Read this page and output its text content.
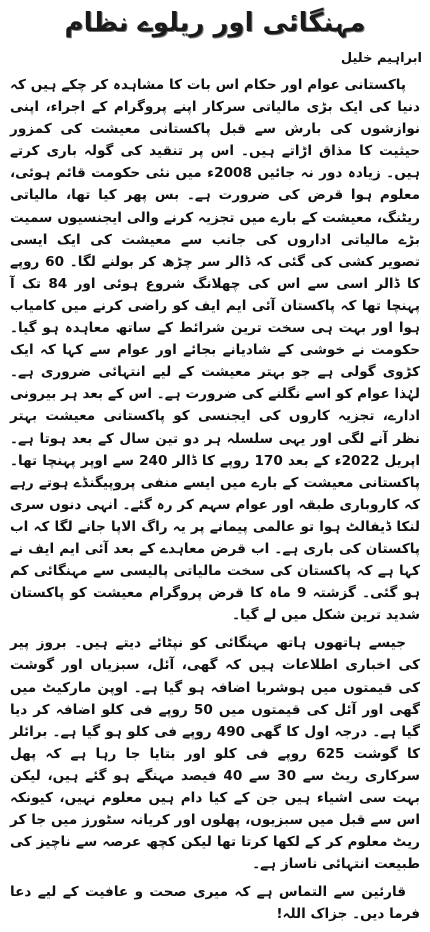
مہنگائی اور ریلوے نظام
ابراہیم خلیل

پاکستانی عوام اور حکام اس بات کا مشاہدہ کر چکے ہیں کہ دنیا کی ایک بڑی مالیاتی سرکار اپنے پروگرام کے اجراء، اپنی نوازشوں کی بارش سے قبل پاکستانی معیشت کی کمزور حیثیت کا مذاق اڑاتے ہیں۔ اس پر تنقید کی گولہ باری کرتے ہیں۔ زیادہ دور نہ جائیں 2008ء میں نئی حکومت قائم ہوئی، معلوم ہوا قرض کی ضرورت ہے۔ بس پھر کیا تھا، مالیاتی ریٹنگ، معیشت کے بارے میں تجزیہ کرنے والی ایجنسیوں سمیت بڑے مالیاتی اداروں کی جانب سے معیشت کی ایک ایسی تصویر کشی کی گئی کہ ڈالر سر چڑھ کر بولنے لگا۔ 60 روپے کا ڈالر اسی سے اس کی چھلانگ شروع ہوئی اور 84 تک آ پہنچا تھا کہ پاکستان آئی ایم ایف کو راضی کرنے میں کامیاب ہوا اور بہت ہی سخت ترین شرائط کے ساتھ معاہدہ ہو گیا۔ حکومت نے خوشی کے شادیانے بجائے اور عوام سے کہا کہ ایک کڑوی گولی ہے جو بہتر معیشت کے لیے انتہائی ضروری ہے۔ لہٰذا عوام کو اسے نگلنے کی ضرورت ہے۔ اس کے بعد ہر بیرونی ادارے، تجزیہ کاروں کی ایجنسی کو پاکستانی معیشت بہتر نظر آنے لگی اور یہی سلسلہ ہر دو تین سال کے بعد ہوتا ہے۔ اپریل 2022ء کے بعد 170 روپے کا ڈالر 240 سے اوپر پہنچا تھا۔ پاکستانی معیشت کے بارے میں ایسے منفی پروپیگنڈے ہوتے رہے کہ کاروباری طبقہ اور عوام سہم کر رہ گئے۔ انہی دنوں سری لنکا ڈیفالٹ ہوا تو عالمی پیمانے پر یہ راگ الاپا جانے لگا کہ اب پاکستان کی باری ہے۔ اب قرض معاہدے کے بعد آئی ایم ایف نے کہا ہے کہ پاکستان کی سخت مالیاتی پالیسی سے مہنگائی کم ہو گئی۔ گزشتہ 9 ماہ کا قرض پروگرام معیشت کو پاکستان شدید ترین شکل میں لے گیا۔

جیسے ہاتھوں ہاتھ مہنگائی کو نپٹائے دیتے ہیں۔ بروز پیر کی اخباری اطلاعات ہیں کہ گھی، آئل، سبزیاں اور گوشت کی قیمتوں میں ہوشربا اضافہ ہو گیا ہے۔ اوپن مارکیٹ میں گھی اور آئل کی قیمتوں میں 50 روپے فی کلو اضافہ کر دیا گیا ہے۔ درجہ اول کا گھی 490 روپے فی کلو ہو گیا ہے۔ برائلر کا گوشت 625 روپے فی کلو اور بتایا جا رہا ہے کہ پھل سرکاری ریٹ سے 30 سے 40 فیصد مہنگے ہو گئے ہیں، لیکن بہت سی اشیاء ہیں جن کے کیا دام ہیں معلوم نہیں، کیونکہ اس سے قبل میں سبزیوں، پھلوں اور کریانہ سٹورز میں جا کر ریٹ معلوم کر کے لکھا کرتا تھا لیکن کچھ عرصہ سے ناچیز کی طبیعت انتہائی ناساز ہے۔

قارئین سے التماس ہے کہ میری صحت و عافیت کے لیے دعا فرما دیں۔ جزاک اللہ!
